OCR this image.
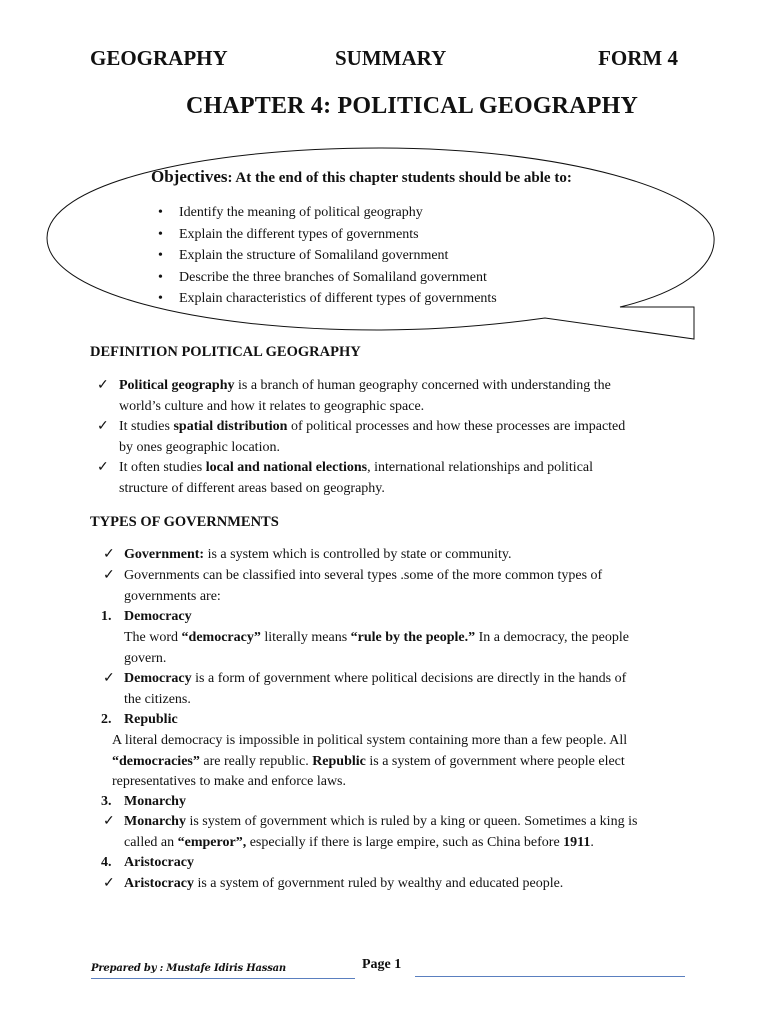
GEOGRAPHY	SUMMARY	FORM 4
CHAPTER 4: POLITICAL GEOGRAPHY
Objectives: At the end of this chapter students should be able to:
• Identify the meaning of political geography
• Explain the different types of governments
• Explain the structure of Somaliland government
• Describe the three branches of Somaliland government
• Explain characteristics of different types of governments
DEFINITION POLITICAL GEOGRAPHY
✓ Political geography is a branch of human geography concerned with understanding the
world’s culture and how it relates to geographic space.
✓ It studies spatial distribution of political processes and how these processes are impacted
by ones geographic location.
✓ It often studies local and national elections, international relationships and political
structure of different areas based on geography.
TYPES OF GOVERNMENTS
✓ Government: is a system which is controlled by state or community.
✓ Governments can be classified into several types .some of the more common types of
governments are:
1. Democracy
The word “democracy” literally means “rule by the people.” In a democracy, the people
govern.
✓ Democracy is a form of government where political decisions are directly in the hands of
the citizens.
2. Republic
A literal democracy is impossible in political system containing more than a few people. All
“democracies” are really republic. Republic is a system of government where people elect
representatives to make and enforce laws.
3. Monarchy
✓ Monarchy is system of government which is ruled by a king or queen. Sometimes a king is
called an “emperor”, especially if there is large empire, such as China before 1911.
4. Aristocracy
✓ Aristocracy is a system of government ruled by wealthy and educated people.
Prepared by : Mustafe Idiris Hassan	Page 1
